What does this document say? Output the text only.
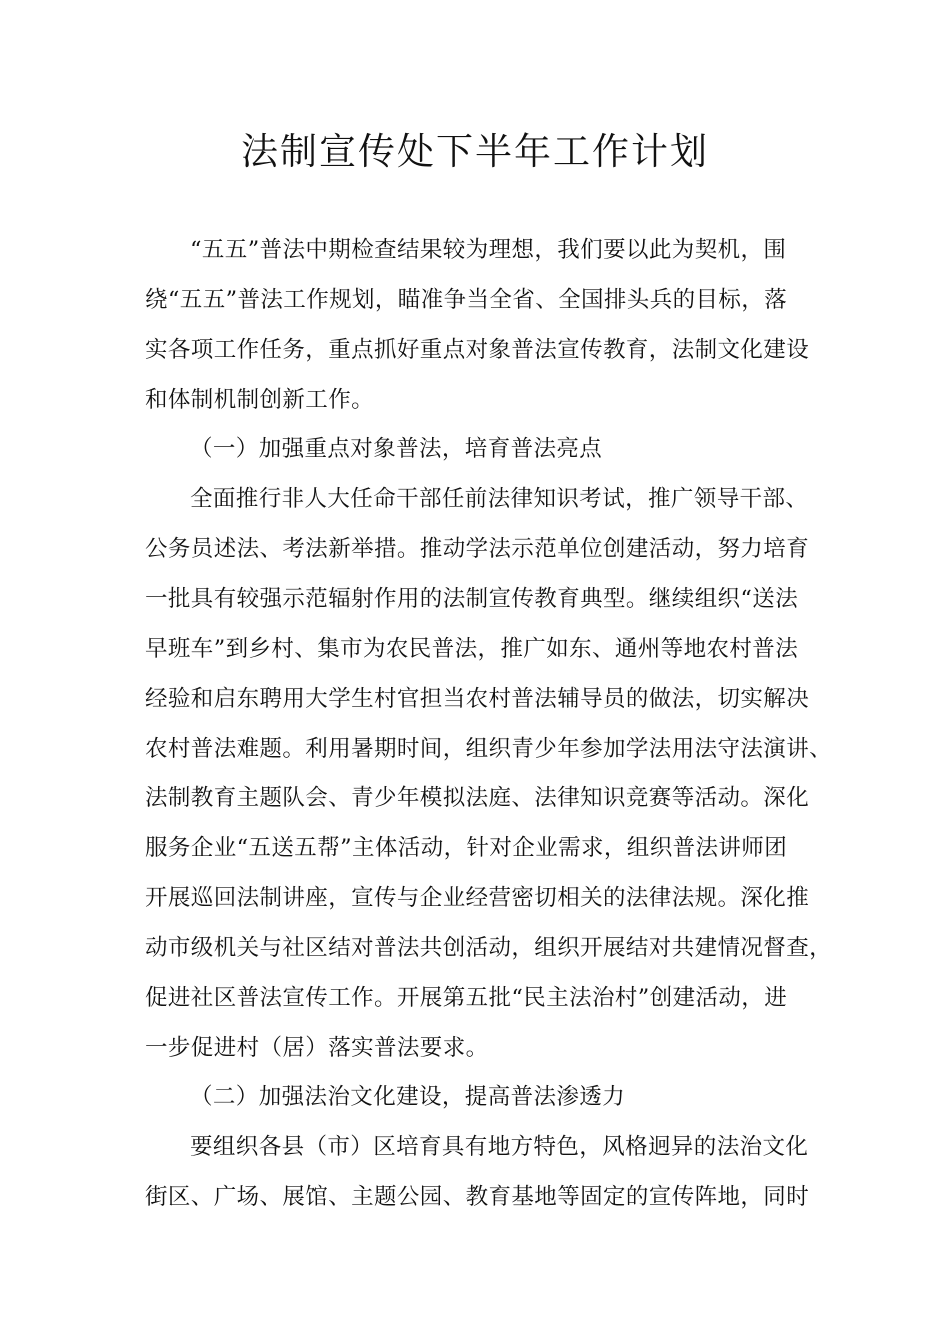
法制宣传处下半年工作计划
“五五”普法中期检查结果较为理想，我们要以此为契机，围
绕“五五”普法工作规划，瞄准争当全省、全国排头兵的目标，落
实各项工作任务，重点抓好重点对象普法宣传教育，法制文化建设
和体制机制创新工作。
（一）加强重点对象普法，培育普法亮点
全面推行非人大任命干部任前法律知识考试，推广领导干部、
公务员述法、考法新举措。推动学法示范单位创建活动，努力培育
一批具有较强示范辐射作用的法制宣传教育典型。继续组织“送法
早班车”到乡村、集市为农民普法，推广如东、通州等地农村普法
经验和启东聘用大学生村官担当农村普法辅导员的做法，切实解决
农村普法难题。利用暑期时间，组织青少年参加学法用法守法演讲、
法制教育主题队会、青少年模拟法庭、法律知识竞赛等活动。深化
服务企业“五送五帮”主体活动，针对企业需求，组织普法讲师团
开展巡回法制讲座，宣传与企业经营密切相关的法律法规。深化推
动市级机关与社区结对普法共创活动，组织开展结对共建情况督查，
促进社区普法宣传工作。开展第五批“民主法治村”创建活动，进
一步促进村（居）落实普法要求。
（二）加强法治文化建设，提高普法渗透力
要组织各县（市）区培育具有地方特色，风格迥异的法治文化
街区、广场、展馆、主题公园、教育基地等固定的宣传阵地，同时
